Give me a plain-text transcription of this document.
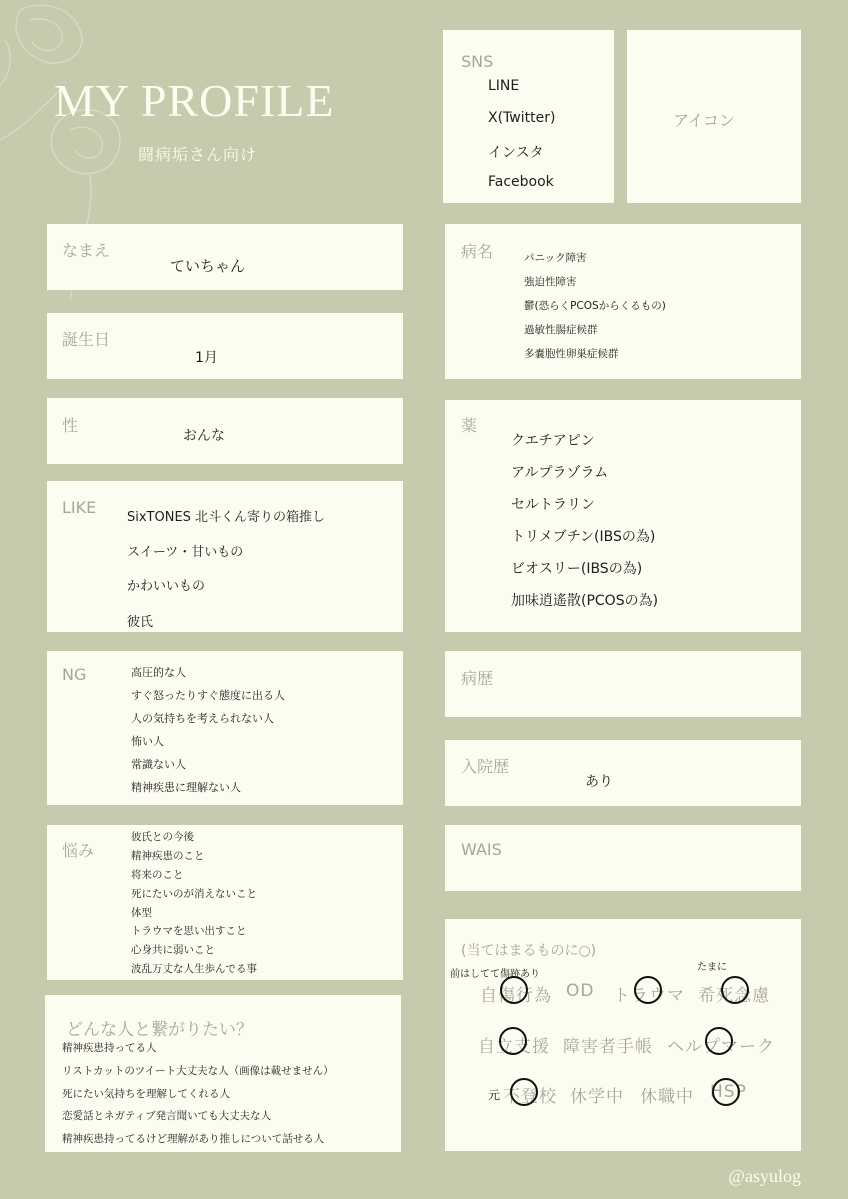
MY PROFILE
闘病垢さん向け
SNS
LINE
X(Twitter)
インスタ
Facebook
アイコン
なまえ
ていちゃん
誕生日
1月
性
おんな
LIKE
SixTONES 北斗くん寄りの箱推し
スイーツ・甘いもの
かわいいもの
彼氏
NG	高圧的な人
すぐ怒ったりすぐ態度に出る人
人の気持ちを考えられない人
怖い人
常識ない人
精神疾患に理解ない人
悩み
彼氏との今後
精神疾患のこと
将来のこと
死にたいのが消えないこと
体型
トラウマを思い出すこと
心身共に弱いこと
波乱万丈な人生歩んでる事
どんな人と繋がりたい？
精神疾患持ってる人
リストカットのツイート大丈夫な人（画像は載せません）
死にたい気持ちを理解してくれる人
恋愛話とネガティブ発言聞いても大丈夫な人
精神疾患持ってるけど理解があり推しについて話せる人
病名	パニック障害
強迫性障害
鬱(恐らくPCOSからくるもの)
過敏性腸症候群
多嚢胞性卵巣症候群
薬
クエチアピン
アルプラゾラム
セルトラリン
トリメブチン(IBSの為)
ビオスリー(IBSの為)
加味逍遙散(PCOSの為)
病歴
入院歴
あり
WAIS
(当てはまるものに○)
前はしてて傷跡あり
たまに
自傷行為 OD トラウマ 希死念慮
自立支援 障害者手帳 ヘルプマーク
元 不登校 休学中 休職中 HSP
@asyulog
